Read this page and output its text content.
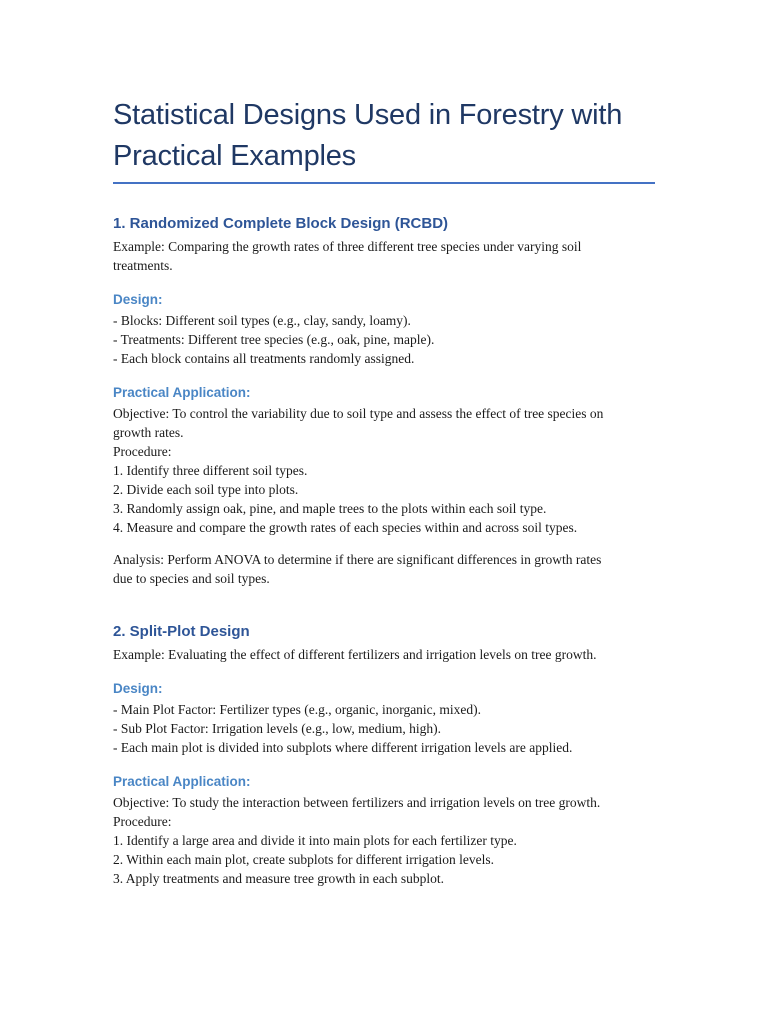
Statistical Designs Used in Forestry with
Practical Examples
1. Randomized Complete Block Design (RCBD)

Example: Comparing the growth rates of three different tree species under varying soil
treatments.

Design:

- Blocks: Different soil types (e.g., clay, sandy, loamy).

- Treatments: Different tree species (e.g., oak, pine, maple).

- Each block contains all treatments randomly assigned.

Practical Application:

Objective: To control the variability due to soil type and assess the effect of tree species on
growth rates.

Procedure:

1. Identify three different soil types.

2. Divide each soil type into plots.

3. Randomly assign oak, pine, and maple trees to the plots within each soil type.

4. Measure and compare the growth rates of each species within and across soil types.

Analysis: Perform ANOVA to determine if there are significant differences in growth rates
due to species and soil types.

2. Split-Plot Design

Example: Evaluating the effect of different fertilizers and irrigation levels on tree growth.

Design:

- Main Plot Factor: Fertilizer types (e.g., organic, inorganic, mixed).

- Sub Plot Factor: Irrigation levels (e.g., low, medium, high).

- Each main plot is divided into subplots where different irrigation levels are applied.

Practical Application:

Objective: To study the interaction between fertilizers and irrigation levels on tree growth.

Procedure:

1. Identify a large area and divide it into main plots for each fertilizer type.

2. Within each main plot, create subplots for different irrigation levels.

3. Apply treatments and measure tree growth in each subplot.
